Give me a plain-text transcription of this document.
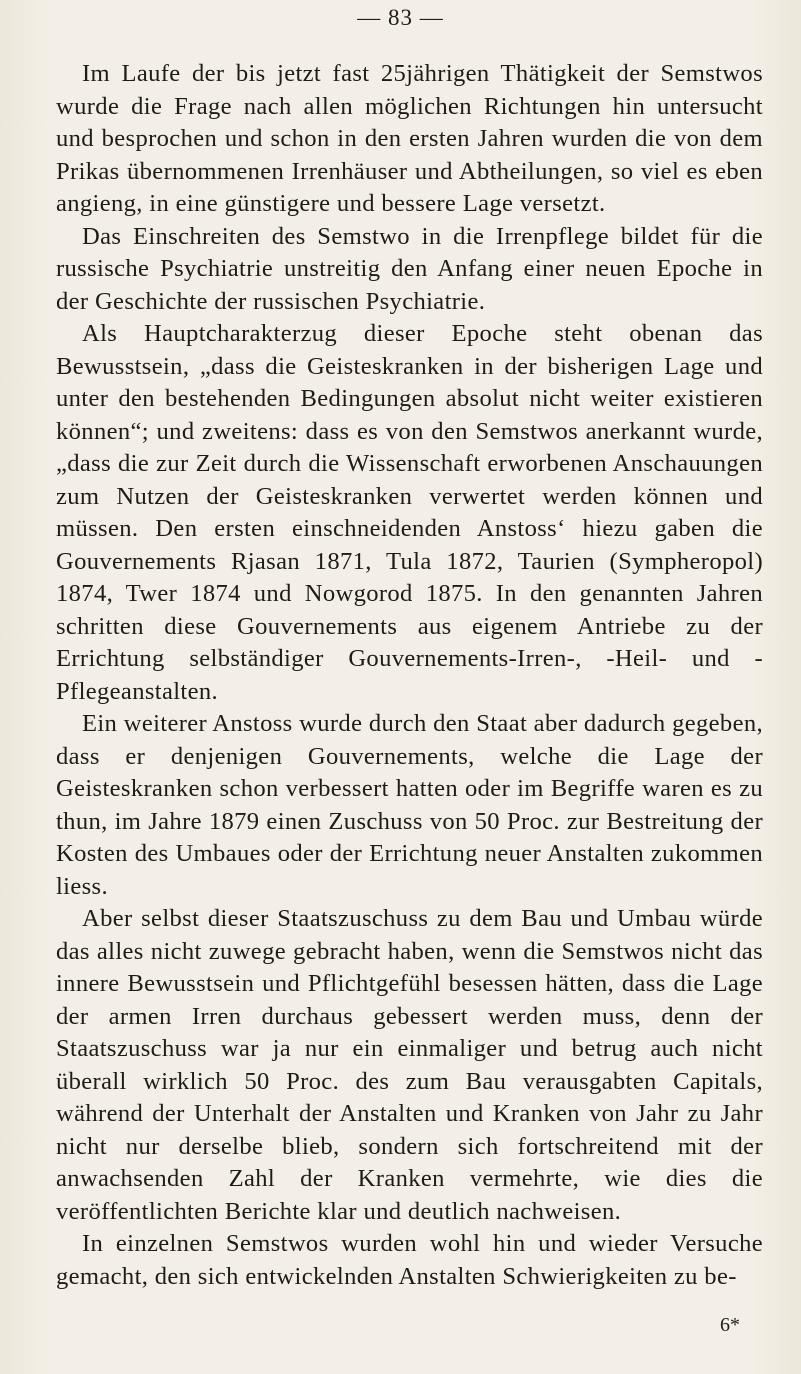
— 83 —

Im Laufe der bis jetzt fast 25jährigen Thätigkeit der Semstwos wurde die Frage nach allen möglichen Richtungen hin untersucht und besprochen und schon in den ersten Jahren wurden die von dem Prikas übernommenen Irrenhäuser und Abtheilungen, so viel es eben angieng, in eine günstigere und bessere Lage versetzt.

Das Einschreiten des Semstwo in die Irrenpflege bildet für die russische Psychiatrie unstreitig den Anfang einer neuen Epoche in der Geschichte der russischen Psychiatrie.

Als Hauptcharakterzug dieser Epoche steht obenan das Bewusstsein, „dass die Geisteskranken in der bisherigen Lage und unter den bestehenden Bedingungen absolut nicht weiter existieren können“; und zweitens: dass es von den Semstwos anerkannt wurde, „dass die zur Zeit durch die Wissenschaft erworbenen Anschauungen zum Nutzen der Geisteskranken verwertet werden können und müssen. Den ersten einschneidenden Anstoss‘ hiezu gaben die Gouvernements Rjasan 1871, Tula 1872, Taurien (Sympheropol) 1874, Twer 1874 und Nowgorod 1875. In den genannten Jahren schritten diese Gouvernements aus eigenem Antriebe zu der Errichtung selbständiger Gouvernements-Irren-, -Heil- und -Pflegeanstalten.

Ein weiterer Anstoss wurde durch den Staat aber dadurch gegeben, dass er denjenigen Gouvernements, welche die Lage der Geisteskranken schon verbessert hatten oder im Begriffe waren es zu thun, im Jahre 1879 einen Zuschuss von 50 Proc. zur Bestreitung der Kosten des Umbaues oder der Errichtung neuer Anstalten zukommen liess.

Aber selbst dieser Staatszuschuss zu dem Bau und Umbau würde das alles nicht zuwege gebracht haben, wenn die Semstwos nicht das innere Bewusstsein und Pflichtgefühl besessen hätten, dass die Lage der armen Irren durchaus gebessert werden muss, denn der Staatszuschuss war ja nur ein einmaliger und betrug auch nicht überall wirklich 50 Proc. des zum Bau verausgabten Capitals, während der Unterhalt der Anstalten und Kranken von Jahr zu Jahr nicht nur derselbe blieb, sondern sich fortschreitend mit der anwachsenden Zahl der Kranken vermehrte, wie dies die veröffentlichten Berichte klar und deutlich nachweisen.

In einzelnen Semstwos wurden wohl hin und wieder Versuche gemacht, den sich entwickelnden Anstalten Schwierigkeiten zu be-

6*
